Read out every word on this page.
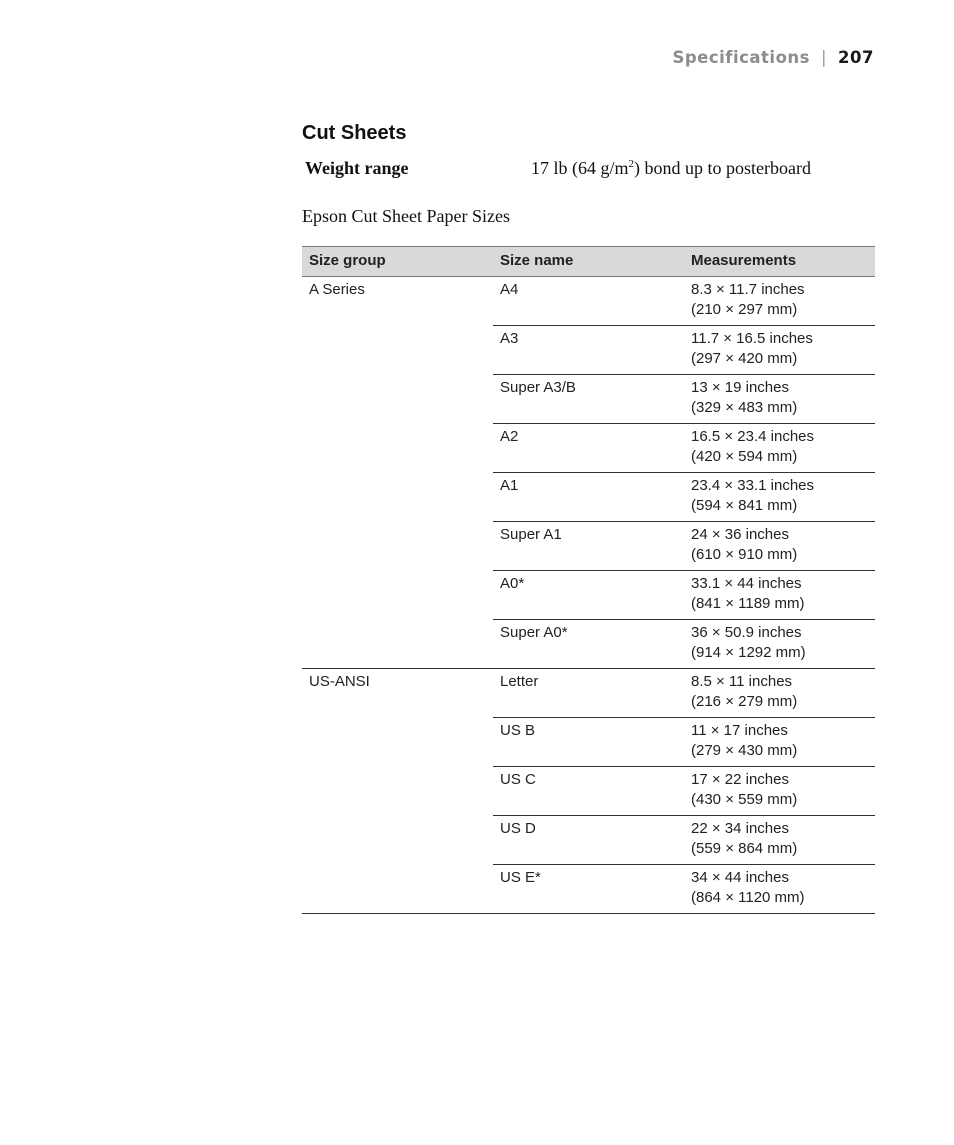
Specifications | 207
Cut Sheets
Weight range	17 lb (64 $g/m^2$) bond up to posterboard
Epson Cut Sheet Paper Sizes
Size group	Size name	Measurements
A Series	A4	8.3 × 11.7 inches
(210 × 297 mm)

	A3	11.7 × 16.5 inches
(297 × 420 mm)

	Super A3/B	13 × 19 inches
(329 × 483 mm)

	A2	16.5 × 23.4 inches
(420 × 594 mm)

	A1	23.4 × 33.1 inches
(594 × 841 mm)

	Super A1	24 × 36 inches
(610 × 910 mm)

	A0*	33.1 × 44 inches
(841 × 1189 mm)

	Super A0*	36 × 50.9 inches
(914 × 1292 mm)

US-ANSI	Letter	8.5 × 11 inches
(216 × 279 mm)

	US B	11 × 17 inches
(279 × 430 mm)

	US C	17 × 22 inches
(430 × 559 mm)

	US D	22 × 34 inches
(559 × 864 mm)

	US E*	34 × 44 inches
(864 × 1120 mm)
